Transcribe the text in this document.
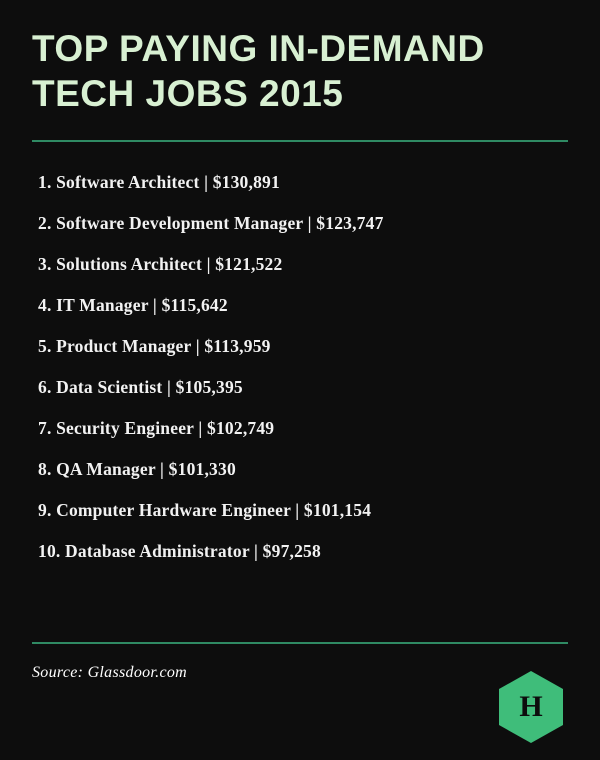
TOP PAYING IN-DEMAND
TECH JOBS 2015
1. Software Architect | $130,891
2. Software Development Manager | $123,747
3. Solutions Architect | $121,522
4. IT Manager | $115,642
5. Product Manager | $113,959
6. Data Scientist | $105,395
7. Security Engineer | $102,749
8. QA Manager | $101,330
9. Computer Hardware Engineer | $101,154
10. Database Administrator | $97,258
Source: Glassdoor.com
H
